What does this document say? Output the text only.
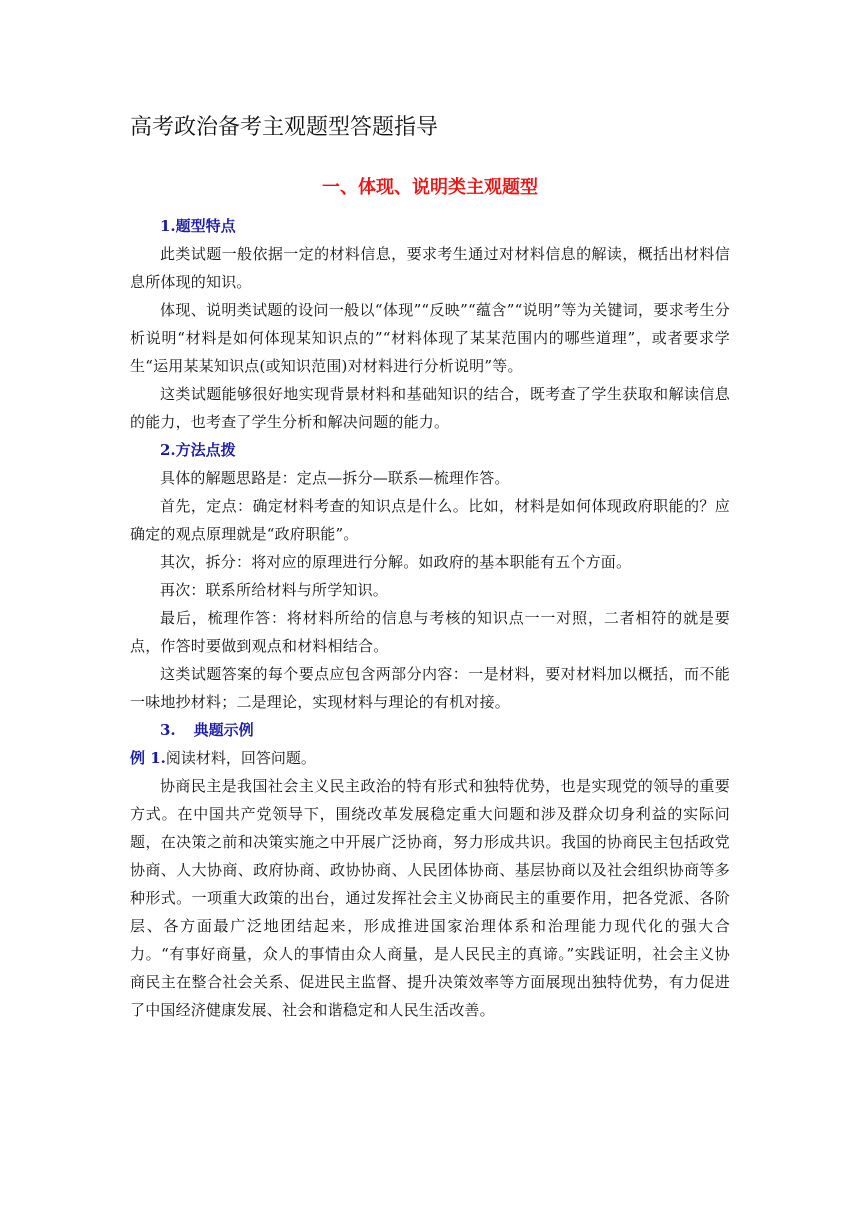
高考政治备考主观题型答题指导
一、体现、说明类主观题型
1.题型特点

此类试题一般依据一定的材料信息，要求考生通过对材料信息的解读，概括出材料信息所体现的知识。

体现、说明类试题的设问一般以“体现”“反映”“蕴含”“说明”等为关键词，要求考生分析说明“材料是如何体现某知识点的”“材料体现了某某范围内的哪些道理”，或者要求学生“运用某某知识点(或知识范围)对材料进行分析说明”等。

这类试题能够很好地实现背景材料和基础知识的结合，既考查了学生获取和解读信息的能力，也考查了学生分析和解决问题的能力。

2.方法点拨

具体的解题思路是：定点—拆分—联系—梳理作答。

首先，定点：确定材料考查的知识点是什么。比如，材料是如何体现政府职能的？应确定的观点原理就是“政府职能”。

其次，拆分：将对应的原理进行分解。如政府的基本职能有五个方面。

再次：联系所给材料与所学知识。

最后，梳理作答：将材料所给的信息与考核的知识点一一对照，二者相符的就是要点，作答时要做到观点和材料相结合。

这类试题答案的每个要点应包含两部分内容：一是材料，要对材料加以概括，而不能一味地抄材料；二是理论，实现材料与理论的有机对接。

3. 典题示例

例 1.阅读材料，回答问题。

协商民主是我国社会主义民主政治的特有形式和独特优势，也是实现党的领导的重要方式。在中国共产党领导下，围绕改革发展稳定重大问题和涉及群众切身利益的实际问题，在决策之前和决策实施之中开展广泛协商，努力形成共识。我国的协商民主包括政党协商、人大协商、政府协商、政协协商、人民团体协商、基层协商以及社会组织协商等多种形式。一项重大政策的出台，通过发挥社会主义协商民主的重要作用，把各党派、各阶层、各方面最广泛地团结起来，形成推进国家治理体系和治理能力现代化的强大合力。“有事好商量，众人的事情由众人商量，是人民民主的真谛。”实践证明，社会主义协商民主在整合社会关系、促进民主监督、提升决策效率等方面展现出独特优势，有力促进了中国经济健康发展、社会和谐稳定和人民生活改善。
